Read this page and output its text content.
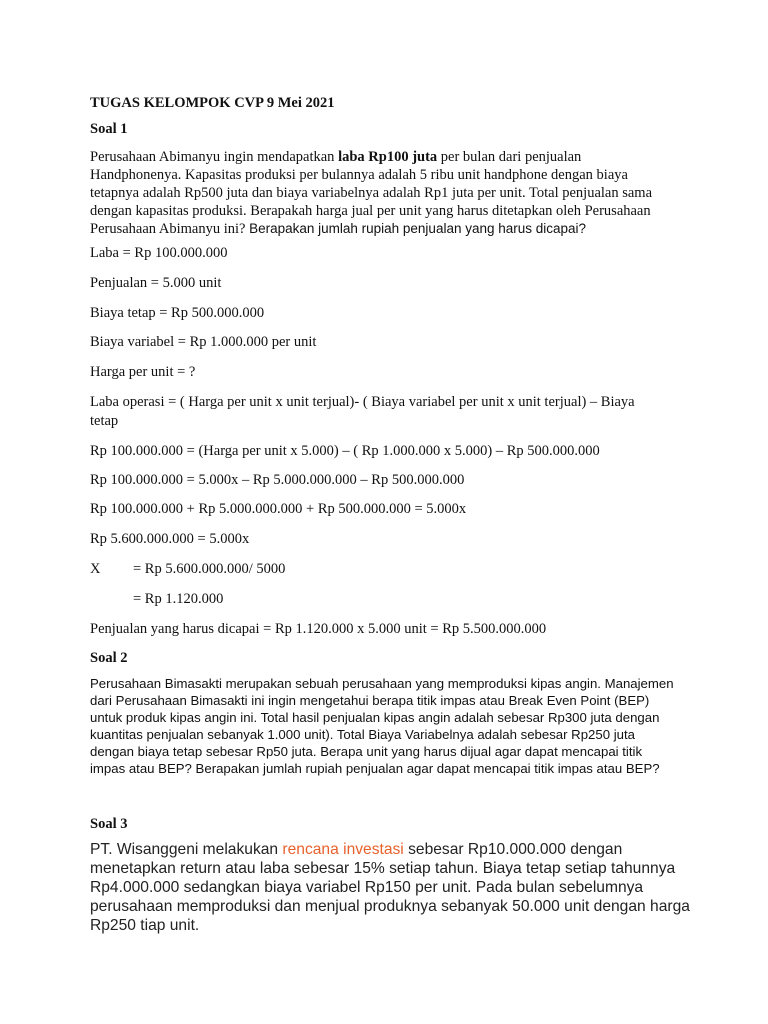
TUGAS KELOMPOK CVP 9 Mei 2021
Soal 1
Perusahaan Abimanyu ingin mendapatkan laba Rp100 juta per bulan dari penjualan
Handphonenya. Kapasitas produksi per bulannya adalah 5 ribu unit handphone dengan biaya
tetapnya adalah Rp500 juta dan biaya variabelnya adalah Rp1 juta per unit. Total penjualan sama
dengan kapasitas produksi. Berapakah harga jual per unit yang harus ditetapkan oleh Perusahaan
Perusahaan Abimanyu ini? Berapakan jumlah rupiah penjualan yang harus dicapai?
Laba = Rp 100.000.000
Penjualan = 5.000 unit
Biaya tetap = Rp 500.000.000
Biaya variabel = Rp 1.000.000 per unit
Harga per unit = ?
Laba operasi = ( Harga per unit x unit terjual)- ( Biaya variabel per unit x unit terjual) – Biaya
tetap
Rp 100.000.000 = (Harga per unit x 5.000) – ( Rp 1.000.000 x 5.000) – Rp 500.000.000
Rp 100.000.000 = 5.000x – Rp 5.000.000.000 – Rp 500.000.000
Rp 100.000.000 + Rp 5.000.000.000 + Rp 500.000.000 = 5.000x
Rp 5.600.000.000 = 5.000x
X = Rp 5.600.000.000/ 5000
= Rp 1.120.000
Penjualan yang harus dicapai = Rp 1.120.000 x 5.000 unit = Rp 5.500.000.000
Soal 2
Perusahaan Bimasakti merupakan sebuah perusahaan yang memproduksi kipas angin. Manajemen
dari Perusahaan Bimasakti ini ingin mengetahui berapa titik impas atau Break Even Point (BEP)
untuk produk kipas angin ini. Total hasil penjualan kipas angin adalah sebesar Rp300 juta dengan
kuantitas penjualan sebanyak 1.000 unit). Total Biaya Variabelnya adalah sebesar Rp250 juta
dengan biaya tetap sebesar Rp50 juta. Berapa unit yang harus dijual agar dapat mencapai titik
impas atau BEP? Berapakan jumlah rupiah penjualan agar dapat mencapai titik impas atau BEP?
Soal 3
PT. Wisanggeni melakukan rencana investasi sebesar Rp10.000.000 dengan
menetapkan return atau laba sebesar 15% setiap tahun. Biaya tetap setiap tahunnya
Rp4.000.000 sedangkan biaya variabel Rp150 per unit. Pada bulan sebelumnya
perusahaan memproduksi dan menjual produknya sebanyak 50.000 unit dengan harga
Rp250 tiap unit.
